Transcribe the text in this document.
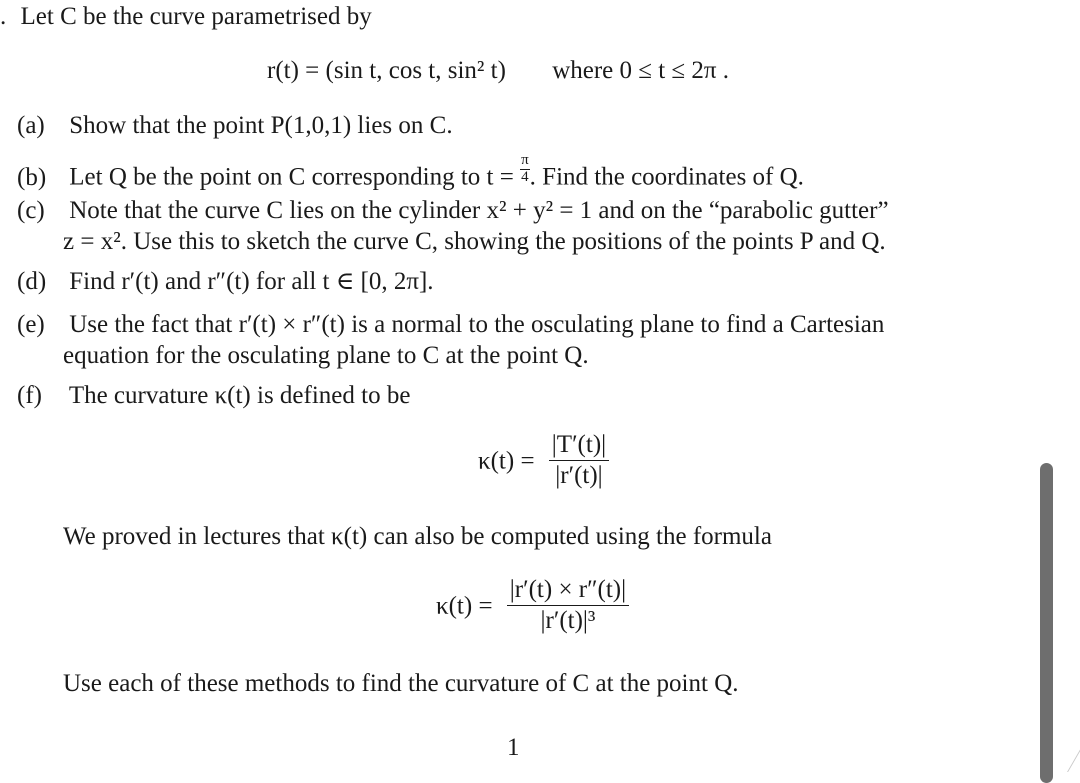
. Let C be the curve parametrised by
r(t) = (sin t, cos t, sin² t) where 0 ≤ t ≤ 2π .
(a) Show that the point P(1,0,1) lies on C.
(b) Let Q be the point on C corresponding to $t = \frac{\pi}{4}$ . Find the coordinates of Q.
(c) Note that the curve C lies on the cylinder x² + y² = 1 and on the “parabolic gutter”
z = x². Use this to sketch the curve C, showing the positions of the points P and Q.
(d) Find r′(t) and r″(t) for all t ∈ [0, 2π].
(e) Use the fact that r′(t) × r″(t) is a normal to the osculating plane to find a Cartesian
equation for the osculating plane to C at the point Q.
(f) The curvature κ(t) is defined to be
$\kappa(t) = \frac{|T'(t)|}{|r'(t)|}$
We proved in lectures that κ(t) can also be computed using the formula
$\kappa(t) = \frac{|r'(t) \times r''(t)|}{\text{|r′(t)|³}}$
Use each of these methods to find the curvature of C at the point Q.
1
